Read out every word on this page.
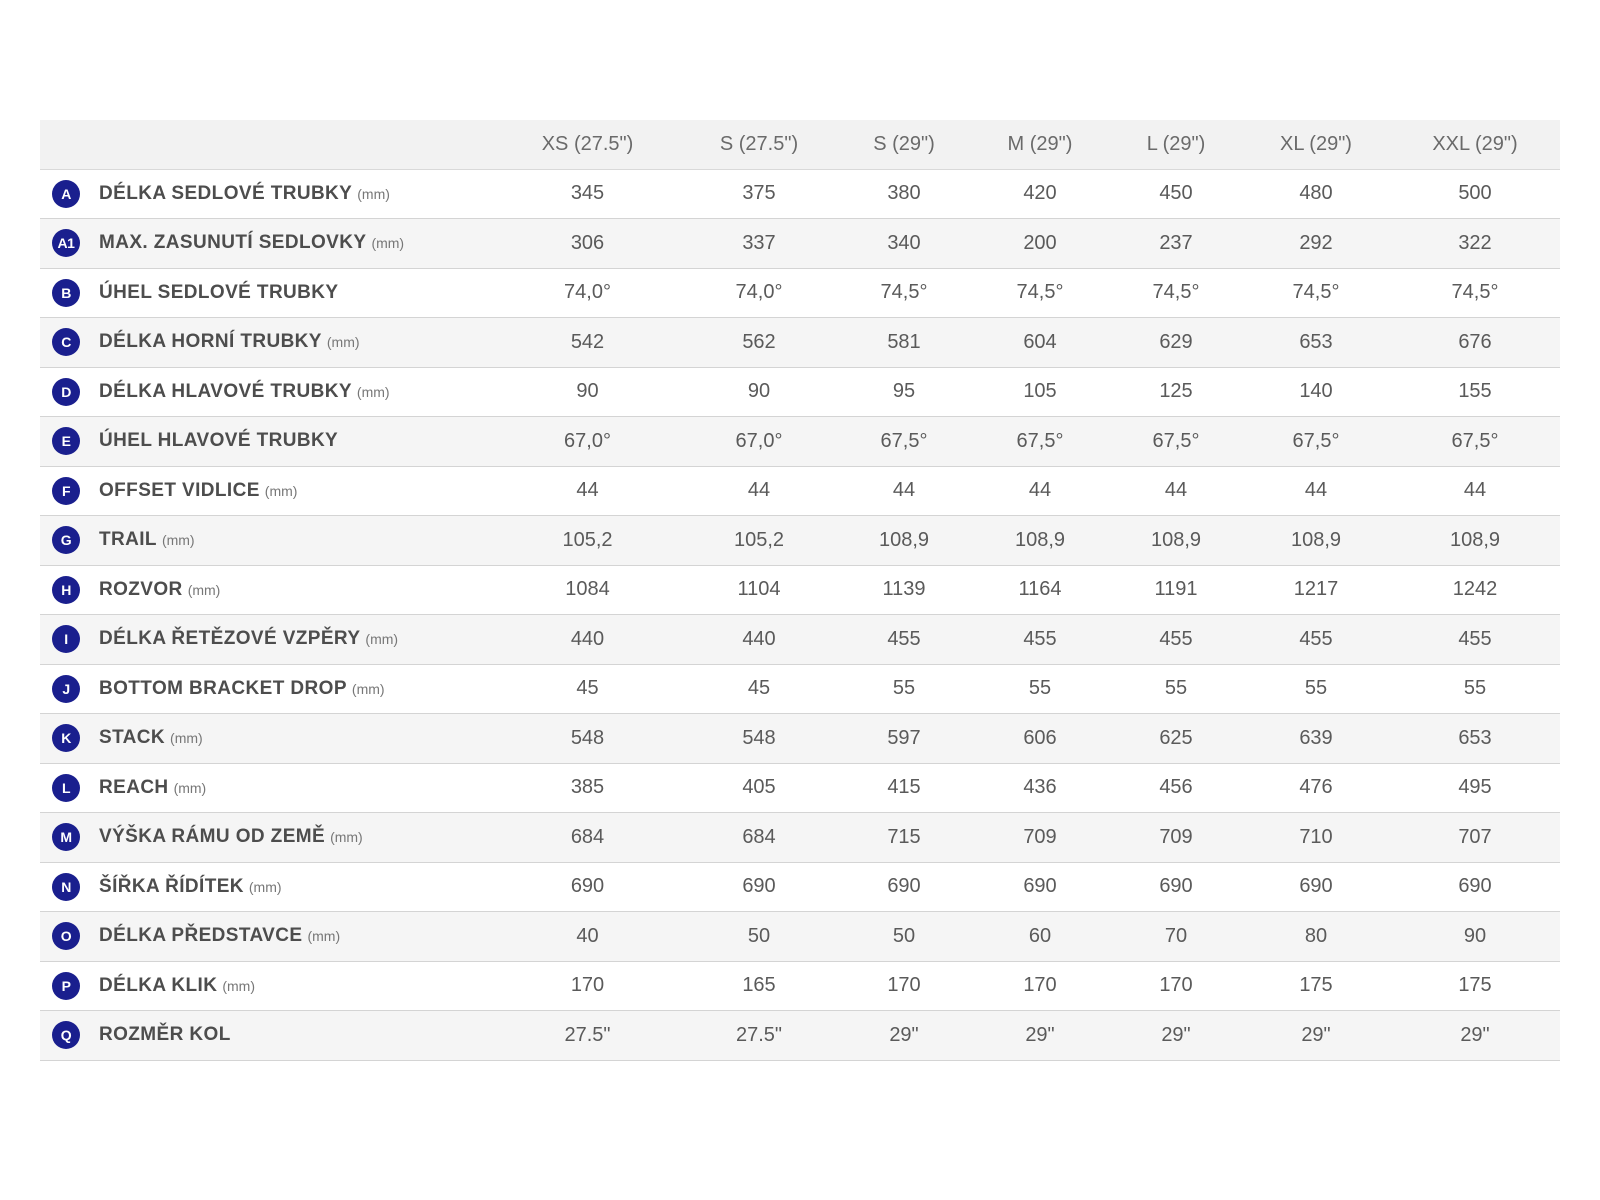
	XS (27.5")	S (27.5")	S (29")	M (29")	L (29")	XL (29")	XXL (29")

A DÉLKA SEDLOVÉ TRUBKY (mm)	345	375	380	420	450	480	500

A1 MAX. ZASUNUTÍ SEDLOVKY (mm)	306	337	340	200	237	292	322

B ÚHEL SEDLOVÉ TRUBKY	74,0°	74,0°	74,5°	74,5°	74,5°	74,5°	74,5°

C DÉLKA HORNÍ TRUBKY (mm)	542	562	581	604	629	653	676

D DÉLKA HLAVOVÉ TRUBKY (mm)	90	90	95	105	125	140	155

E ÚHEL HLAVOVÉ TRUBKY	67,0°	67,0°	67,5°	67,5°	67,5°	67,5°	67,5°

F OFFSET VIDLICE (mm)	44	44	44	44	44	44	44

G TRAIL (mm)	105,2	105,2	108,9	108,9	108,9	108,9	108,9

H ROZVOR (mm)	1084	1104	1139	1164	1191	1217	1242

I DÉLKA ŘETĚZOVÉ VZPĚRY (mm)	440	440	455	455	455	455	455

J BOTTOM BRACKET DROP (mm)	45	45	55	55	55	55	55

K STACK (mm)	548	548	597	606	625	639	653

L REACH (mm)	385	405	415	436	456	476	495

M VÝŠKA RÁMU OD ZEMĚ (mm)	684	684	715	709	709	710	707

N ŠÍŘKA ŘÍDÍTEK (mm)	690	690	690	690	690	690	690

O DÉLKA PŘEDSTAVCE (mm)	40	50	50	60	70	80	90

P DÉLKA KLIK (mm)	170	165	170	170	170	175	175

Q ROZMĚR KOL	27.5"	27.5"	29"	29"	29"	29"	29"
